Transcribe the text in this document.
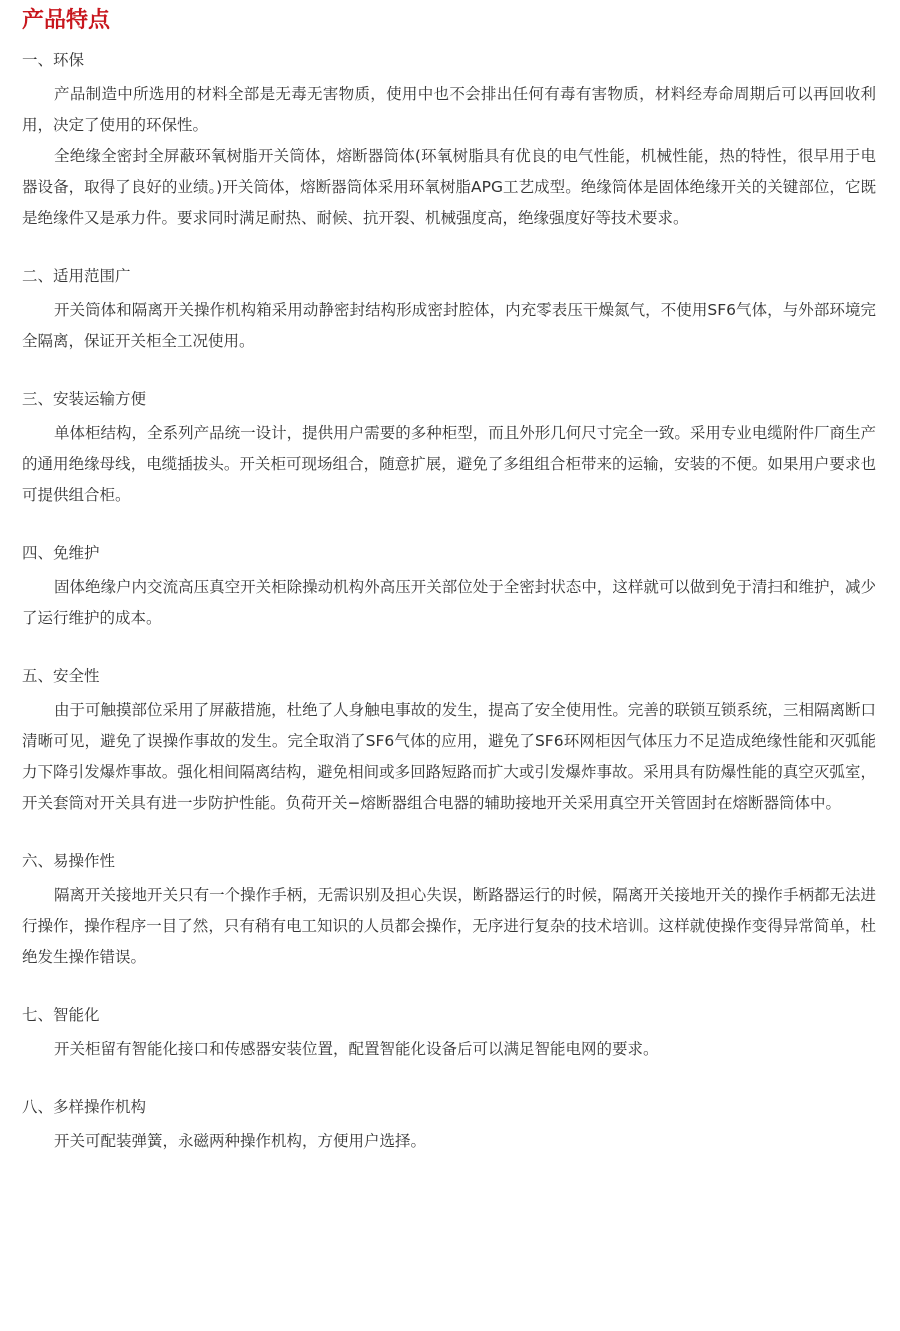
产品特点
一、环保

产品制造中所选用的材料全部是无毒无害物质，使用中也不会排出任何有毒有害物质，材料经寿命周期后可以再回收利用，决定了使用的环保性。

全绝缘全密封全屏蔽环氧树脂开关筒体，熔断器筒体(环氧树脂具有优良的电气性能，机械性能，热的特性，很早用于电器设备，取得了良好的业绩。)开关筒体，熔断器筒体采用环氧树脂APG工艺成型。绝缘筒体是固体绝缘开关的关键部位，它既是绝缘件又是承力件。要求同时满足耐热、耐候、抗开裂、机械强度高，绝缘强度好等技术要求。

二、适用范围广

开关筒体和隔离开关操作机构箱采用动静密封结构形成密封腔体，内充零表压干燥氮气，不使用SF6气体，与外部环境完全隔离，保证开关柜全工况使用。

三、安装运输方便

单体柜结构，全系列产品统一设计，提供用户需要的多种柜型，而且外形几何尺寸完全一致。采用专业电缆附件厂商生产的通用绝缘母线，电缆插拔头。开关柜可现场组合，随意扩展，避免了多组组合柜带来的运输，安装的不便。如果用户要求也可提供组合柜。

四、免维护

固体绝缘户内交流高压真空开关柜除操动机构外高压开关部位处于全密封状态中，这样就可以做到免于清扫和维护，减少了运行维护的成本。

五、安全性

由于可触摸部位采用了屏蔽措施，杜绝了人身触电事故的发生，提高了安全使用性。完善的联锁互锁系统，三相隔离断口清晰可见，避免了误操作事故的发生。完全取消了SF6气体的应用，避免了SF6环网柜因气体压力不足造成绝缘性能和灭弧能力下降引发爆炸事故。强化相间隔离结构，避免相间或多回路短路而扩大或引发爆炸事故。采用具有防爆性能的真空灭弧室，开关套筒对开关具有进一步防护性能。负荷开关−熔断器组合电器的辅助接地开关采用真空开关管固封在熔断器筒体中。

六、易操作性

隔离开关接地开关只有一个操作手柄，无需识别及担心失误，断路器运行的时候，隔离开关接地开关的操作手柄都无法进行操作，操作程序一目了然，只有稍有电工知识的人员都会操作，无序进行复杂的技术培训。这样就使操作变得异常简单，杜绝发生操作错误。

七、智能化

开关柜留有智能化接口和传感器安装位置，配置智能化设备后可以满足智能电网的要求。

八、多样操作机构

开关可配装弹簧，永磁两种操作机构，方便用户选择。
